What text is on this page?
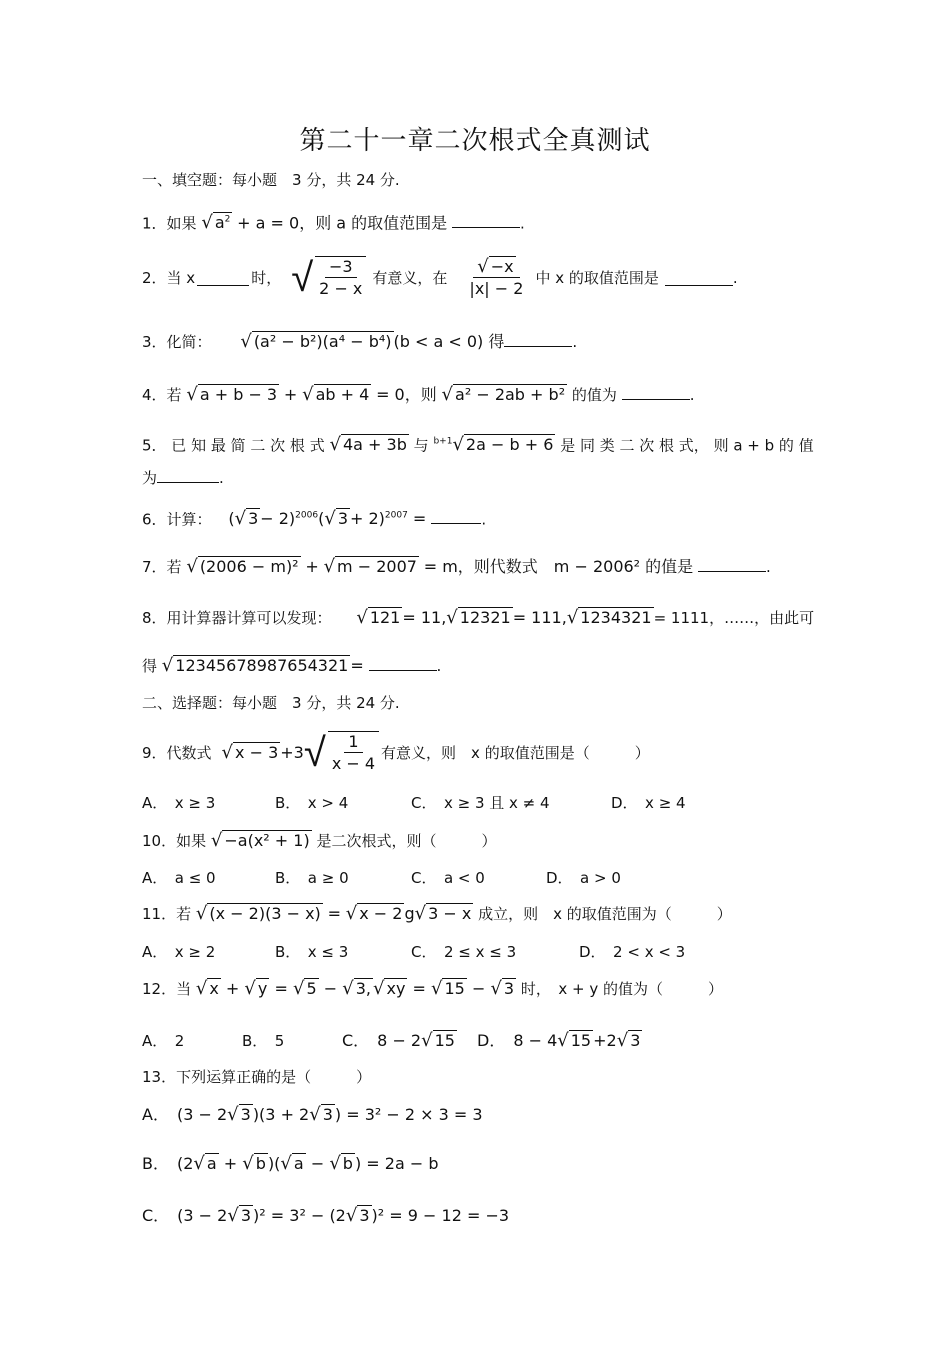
第二十一章二次根式全真测试
一、填空题：每小题　3 分，共 24 分.
1．如果 √ $a^2 + a = 0$，则 a 的取值范围是	.
2．当 x	时， √ $\frac{-3}{2 - x}$ 有意义，在 $\frac{√ -x}{|x| - 2}$ 中 x 的取值范围是	.
3．化简： √ (a² − b²)(a⁴ − b⁴) (b < a < 0) 得	.
4．若 √ a + b − 3 + √ ab + 4 = 0，则 √ a² − 2ab + b² 的值为	.
5． 已 知 最 简 二 次 根 式 √ 4a + 3b 与 $^{b+1}$√ 2a − b + 6 是 同 类 二 次 根 式， 则 a + b 的 值
为	.
6．计算： (√ 3 − 2)$^{2006}$(√ 3 + 2)$^{2007}$ =	.
7．若 √ (2006 − m)² + √ m − 2007 = m，则代数式　m − 2006² 的值是	.
8．用计算器计算可以发现： √ 121 = 11,√ 12321 = 111,√ 1234321 = 1111，……，由此可
得 √ 12345678987654321 =	.
二、选择题：每小题　3 分，共 24 分.
9．代数式 √ x − 3 +3 √ $\frac{1}{x - 4}$ 有意义，则　x 的取值范围是（　　　）
A．　x ≥ 3	B．　x > 4	C．　x ≥ 3 且 x ≠ 4	D．　x ≥ 4
10．如果 √ −a(x² + 1) 是二次根式，则（　　　）
A．　a ≤ 0	B．　a ≥ 0	C．　a < 0	D．　a > 0
11．若 √ (x − 2)(3 − x) = √ x − 2 g√ 3 − x 成立，则　x 的取值范围为（　　　）
A．　x ≥ 2	B．　x ≤ 3	C．　2 ≤ x ≤ 3	D．　2 < x < 3
12．当 √ x + √ y = √ 5 − √ 3, √ xy = √ 15 − √ 3 时，　x + y 的值为（　　　）
A．　2	B．　5	C．　8 − 2√ 15 D．　8 − 4√ 15 +2√ 3
13．下列运算正确的是（　　　）
A．　(3 − 2√ 3 )(3 + 2√ 3 ) = 3² − 2 × 3 = 3
B．　(2√ a + √ b )(√ a − √ b ) = 2a − b
C．　(3 − 2√ 3 )² = 3² − (2√ 3 )² = 9 − 12 = −3
